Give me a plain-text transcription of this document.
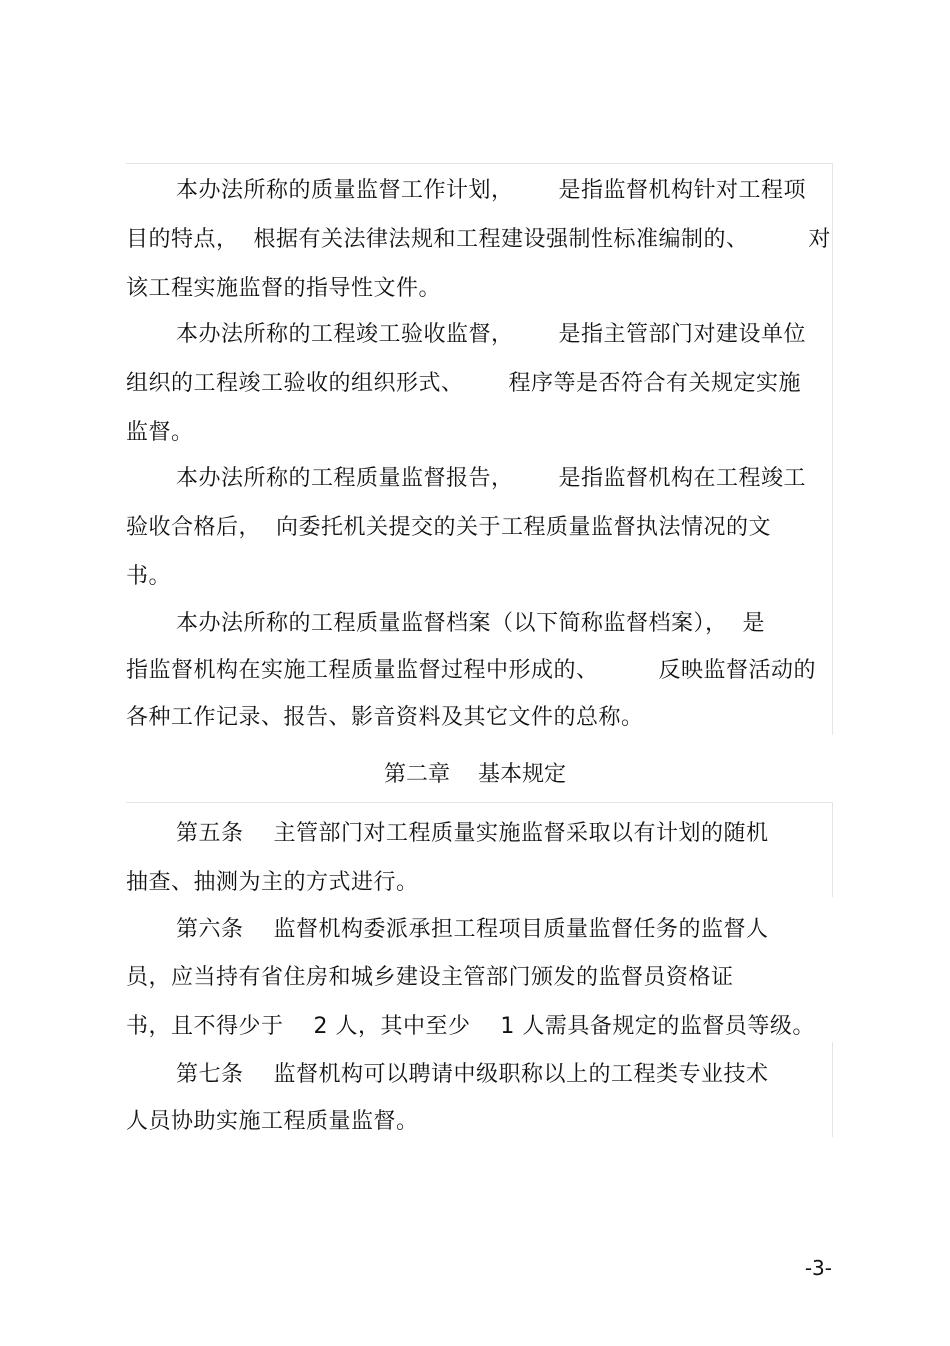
本办法所称的质量监督工作计划，      是指监督机构针对工程项
目的特点，  根据有关法律法规和工程建设强制性标准编制的、        对
该工程实施监督的指导性文件。
本办法所称的工程竣工验收监督，      是指主管部门对建设单位
组织的工程竣工验收的组织形式、      程序等是否符合有关规定实施
监督。
本办法所称的工程质量监督报告，      是指监督机构在工程竣工
验收合格后，  向委托机关提交的关于工程质量监督执法情况的文
书。
本办法所称的工程质量监督档案（以下简称监督档案），  是
指监督机构在实施工程质量监督过程中形成的、        反映监督活动的
各种工作记录、报告、影音资料及其它文件的总称。
第二章    基本规定
第五条    主管部门对工程质量实施监督采取以有计划的随机
抽查、抽测为主的方式进行。
第六条    监督机构委派承担工程项目质量监督任务的监督人
员，应当持有省住房和城乡建设主管部门颁发的监督员资格证
书，且不得少于    2 人，其中至少    1 人需具备规定的监督员等级。
第七条    监督机构可以聘请中级职称以上的工程类专业技术
人员协助实施工程质量监督。
-3-
